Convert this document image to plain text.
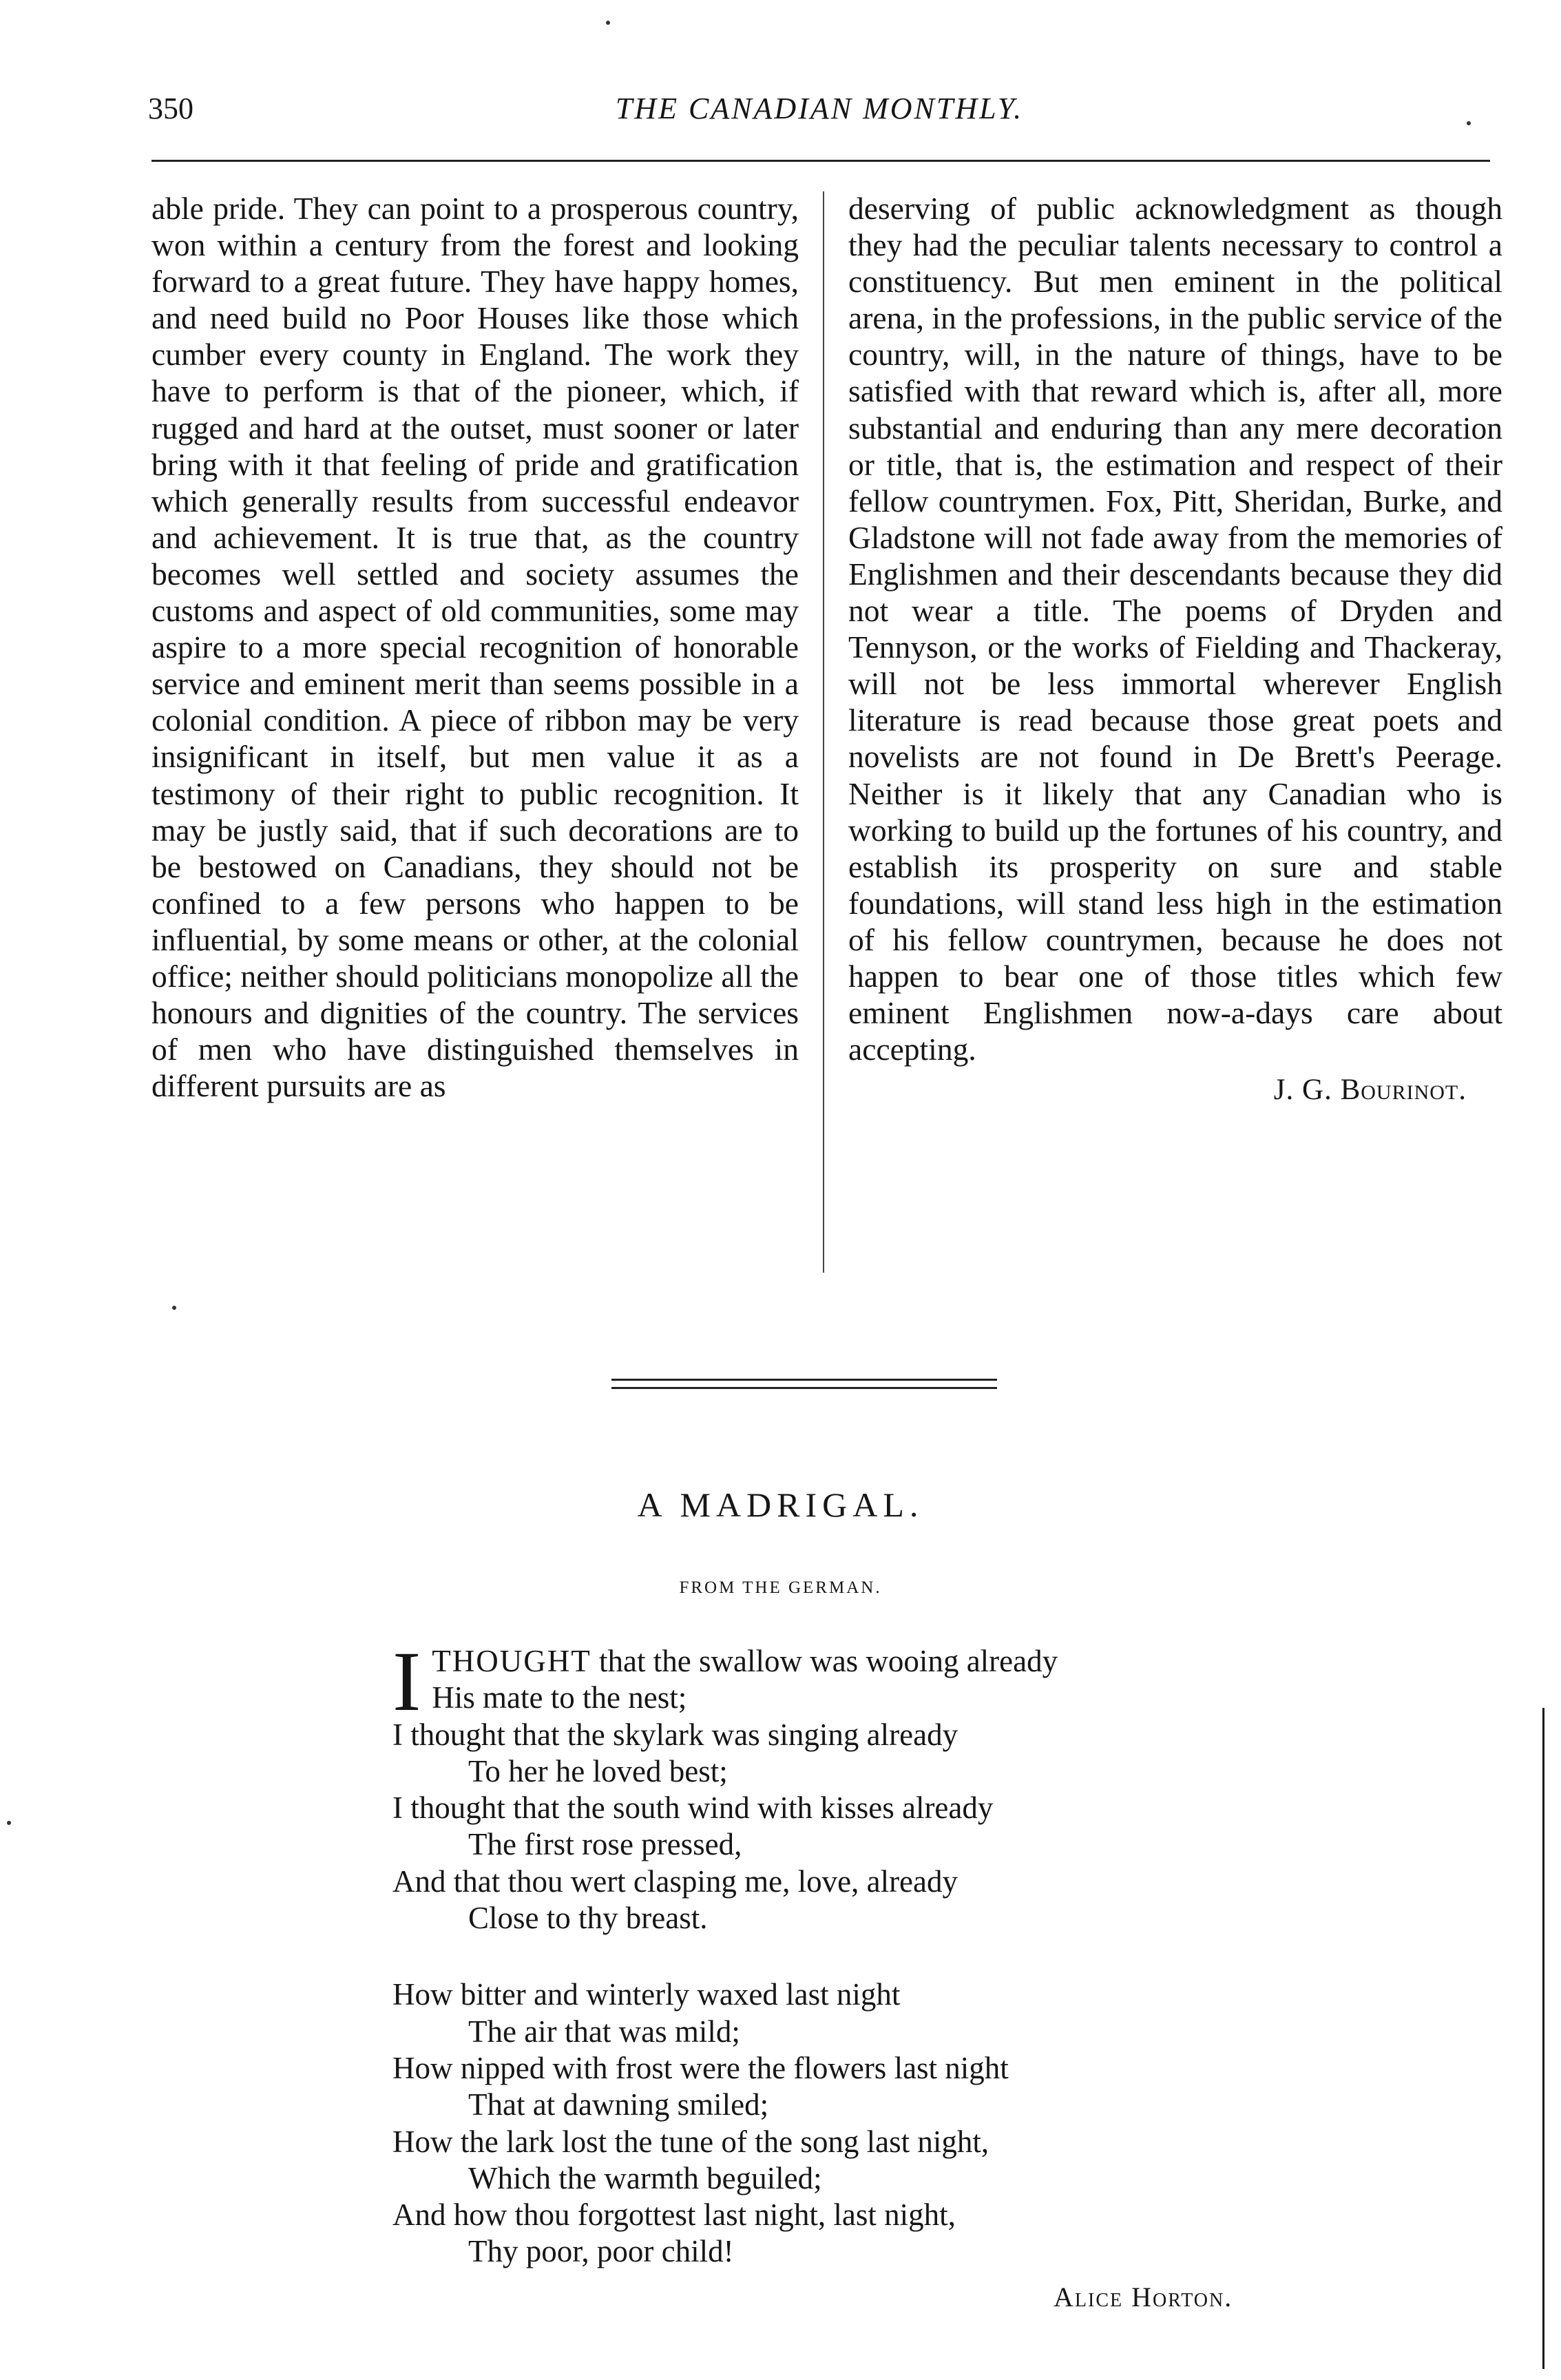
350	THE CANADIAN MONTHLY.

able pride. They can point to a prosperous country, won within a century from the forest and looking forward to a great future. They have happy homes, and need build no Poor Houses like those which cumber every county in England. The work they have to perform is that of the pioneer, which, if rugged and hard at the outset, must sooner or later bring with it that feeling of pride and gratification which generally results from successful endeavor and achievement. It is true that, as the country becomes well settled and society assumes the customs and aspect of old communities, some may aspire to a more special recognition of honorable service and eminent merit than seems possible in a colonial condition. A piece of ribbon may be very insignificant in itself, but men value it as a testimony of their right to public recognition. It may be justly said, that if such decorations are to be bestowed on Canadians, they should not be confined to a few persons who happen to be influential, by some means or other, at the colonial office; neither should politicians monopolize all the honours and dignities of the country. The services of men who have distinguished themselves in different pursuits are as

deserving of public acknowledgment as though they had the peculiar talents necessary to control a constituency. But men eminent in the political arena, in the professions, in the public service of the country, will, in the nature of things, have to be satisfied with that reward which is, after all, more substantial and enduring than any mere decoration or title, that is, the estimation and respect of their fellow countrymen. Fox, Pitt, Sheridan, Burke, and Gladstone will not fade away from the memories of Englishmen and their descendants because they did not wear a title. The poems of Dryden and Tennyson, or the works of Fielding and Thackeray, will not be less immortal wherever English literature is read because those great poets and novelists are not found in De Brett's Peerage. Neither is it likely that any Canadian who is working to build up the fortunes of his country, and establish its prosperity on sure and stable foundations, will stand less high in the estimation of his fellow countrymen, because he does not happen to bear one of those titles which few eminent Englishmen now-a-days care about accepting.

J. G. Bourinot.
A MADRIGAL.
FROM THE GERMAN.
ITHOUGHT that the swallow was wooing already
His mate to the nest;
I thought that the skylark was singing already
To her he loved best;
I thought that the south wind with kisses already
The first rose pressed,
And that thou wert clasping me, love, already
Close to thy breast.
How bitter and winterly waxed last night
The air that was mild;
How nipped with frost were the flowers last night
That at dawning smiled;
How the lark lost the tune of the song last night,
Which the warmth beguiled;
And how thou forgottest last night, last night,
Thy poor, poor child!
Alice Horton.
